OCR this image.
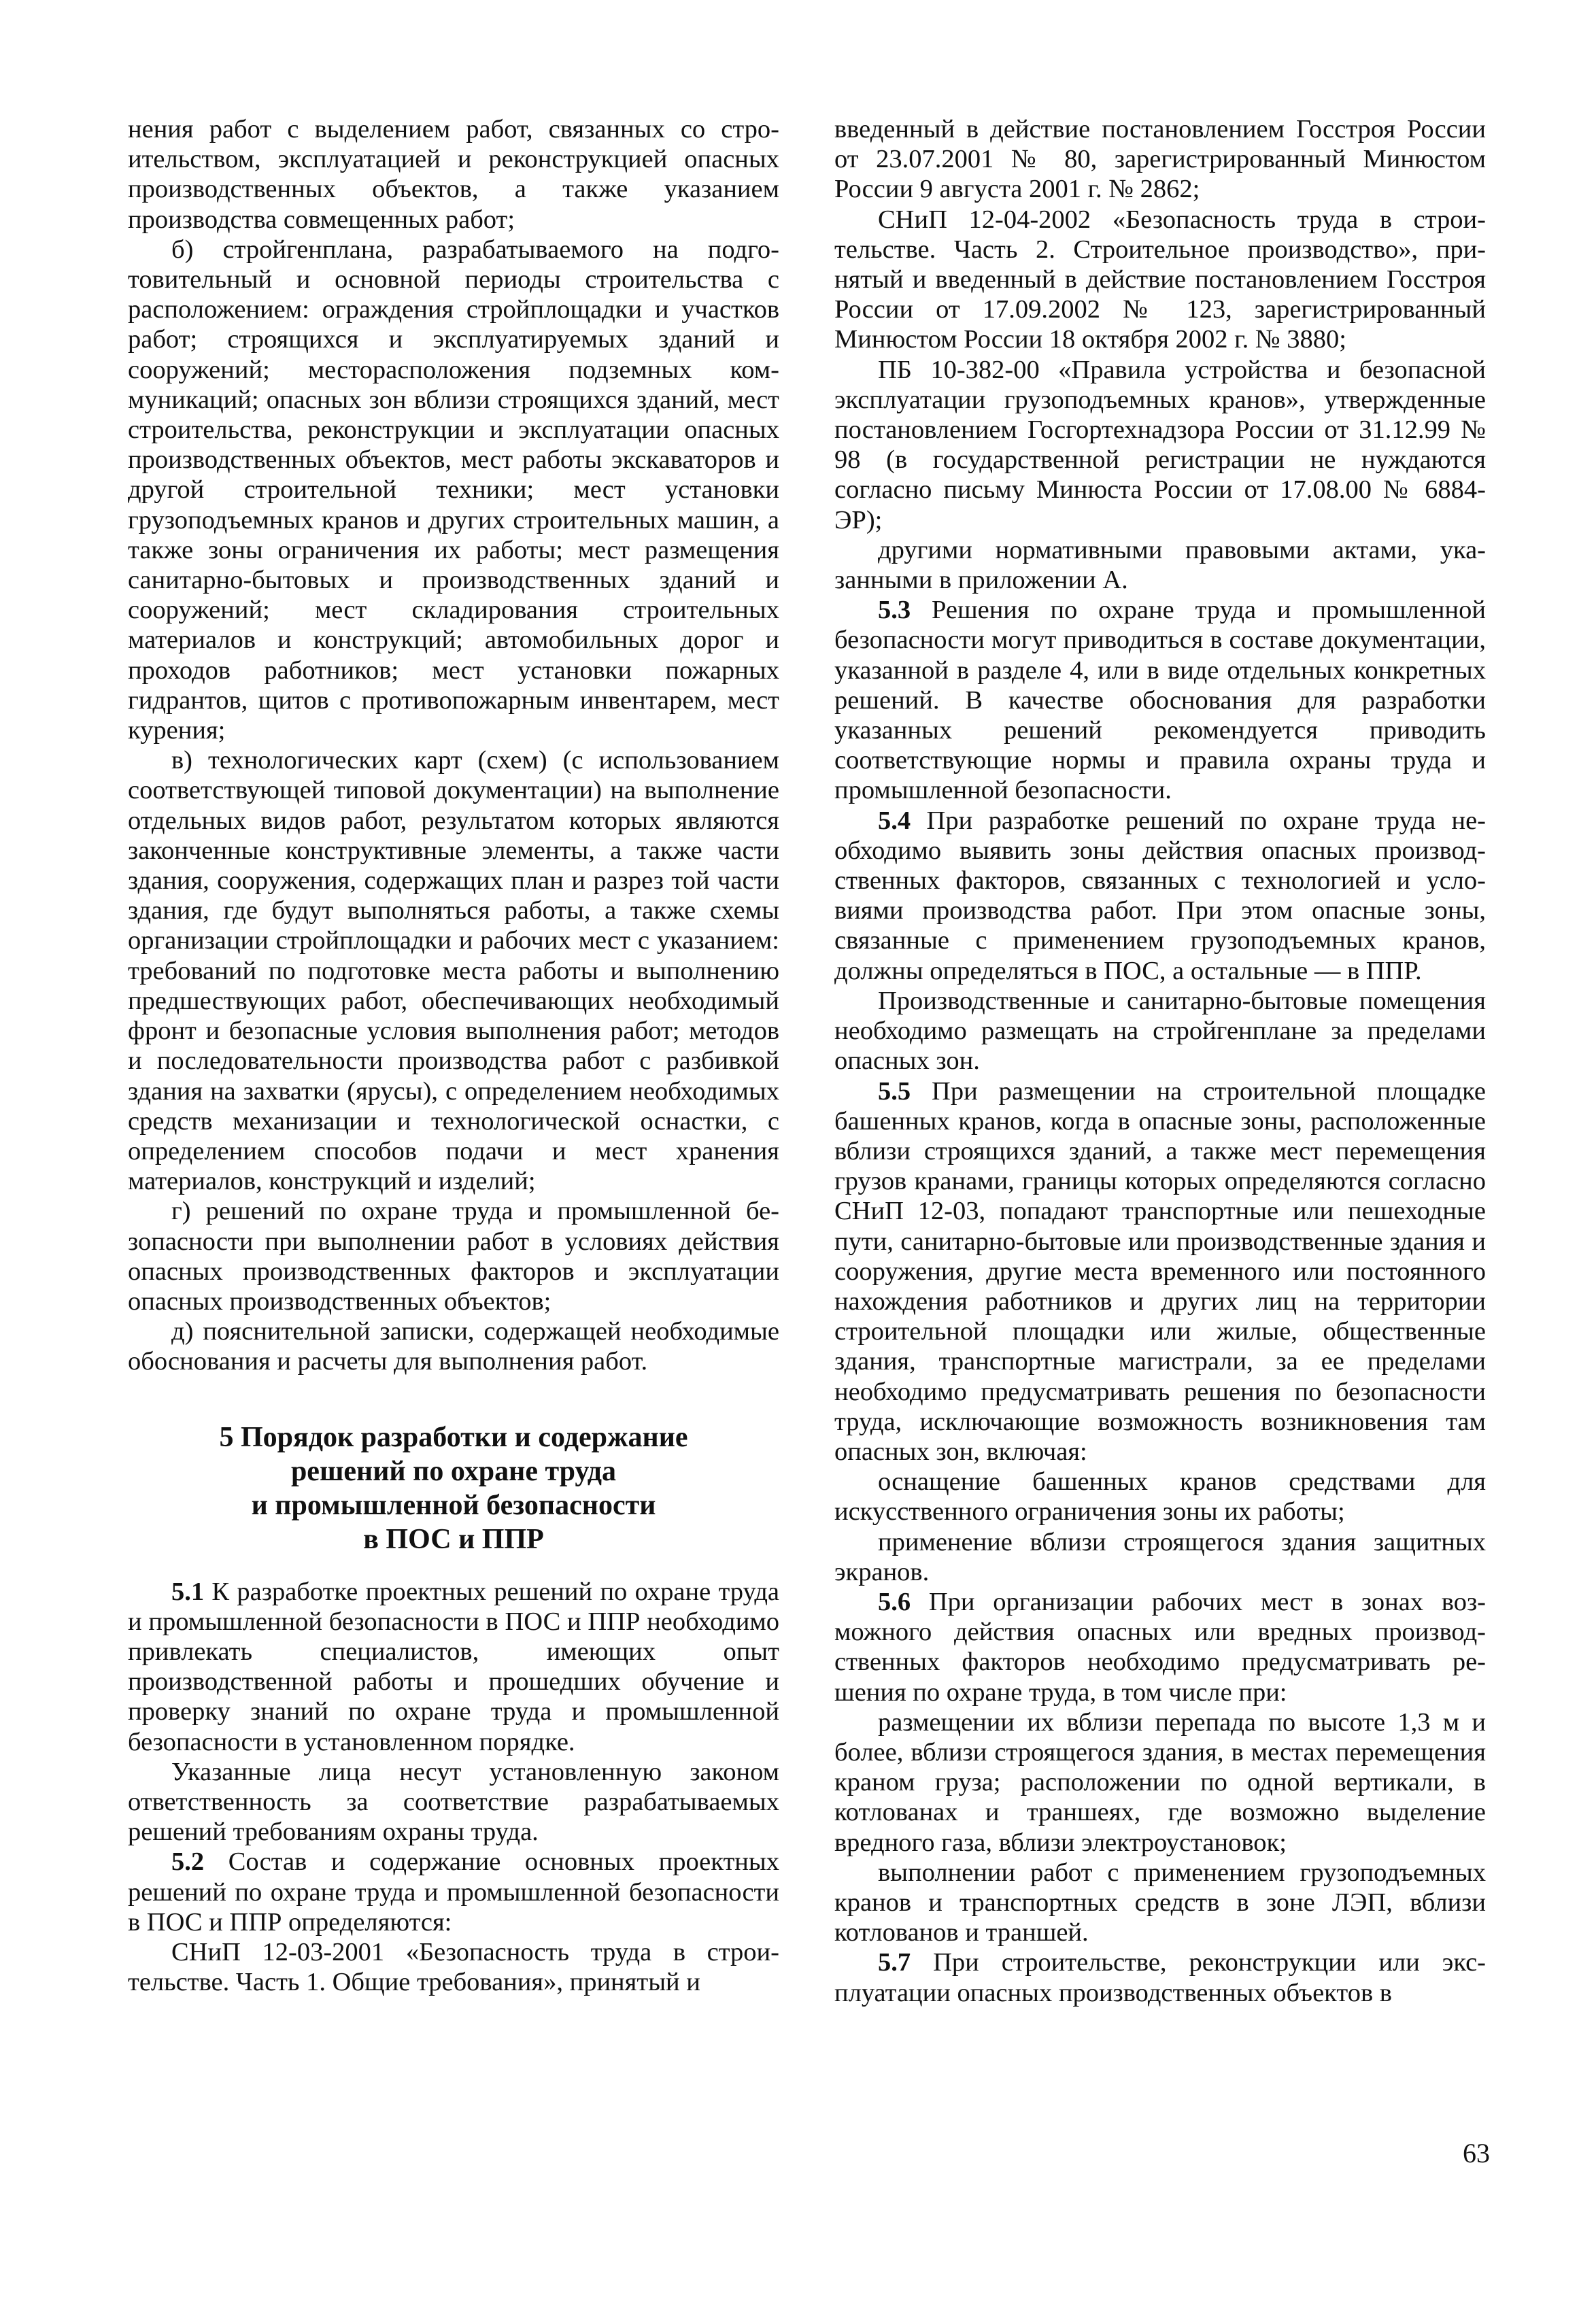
нения работ с выделением работ, связанных со строительством, эксплуатацией и реконструкцией опасных производственных объектов, а также указанием производства совмещенных работ;

б) стройгенплана, разрабатываемого на подготовительный и основной периоды строительства с расположением: ограждения стройплощадки и участков работ; строящихся и эксплуатируемых зданий и сооружений; месторасположения подземных коммуникаций; опасных зон вблизи строящихся зданий, мест строительства, реконструкции и эксплуатации опасных производственных объектов, мест работы экскаваторов и другой строительной техники; мест установки грузоподъемных кранов и других строительных машин, а также зоны ограничения их работы; мест размещения санитарно-бытовых и производственных зданий и сооружений; мест складирования строительных материалов и конструкций; автомобильных дорог и проходов работников; мест установки пожарных гидрантов, щитов с противопожарным инвентарем, мест курения;

в) технологических карт (схем) (с использованием соответствующей типовой документации) на выполнение отдельных видов работ, результатом которых являются законченные конструктивные элементы, а также части здания, сооружения, содержащих план и разрез той части здания, где будут выполняться работы, а также схемы организации стройплощадки и рабочих мест с указанием: требований по подготовке места работы и выполнению предшествующих работ, обеспечивающих необходимый фронт и безопасные условия выполнения работ; методов и последовательности производства работ с разбивкой здания на захватки (ярусы), с определением необходимых средств механизации и технологической оснастки, с определением способов подачи и мест хранения материалов, конструкций и изделий;

г) решений по охране труда и промышленной безопасности при выполнении работ в условиях действия опасных производственных факторов и эксплуатации опасных производственных объектов;

д) пояснительной записки, содержащей необходимые обоснования и расчеты для выполнения работ.

5 Порядок разработки и содержание
решений по охране труда
и промышленной безопасности
в ПОС и ППР

5.1 К разработке проектных решений по охране труда и промышленной безопасности в ПОС и ППР необходимо привлекать специалистов, имеющих опыт производственной работы и прошедших обучение и проверку знаний по охране труда и промышленной безопасности в установленном порядке.

Указанные лица несут установленную законом ответственность за соответствие разрабатываемых решений требованиям охраны труда.

5.2 Состав и содержание основных проектных решений по охране труда и промышленной безопасности в ПОС и ППР определяются:

СНиП 12-03-2001 «Безопасность труда в строительстве. Часть 1. Общие требования», принятый и

введенный в действие постановлением Госстроя России от 23.07.2001 № 80, зарегистрированный Минюстом России 9 августа 2001 г. № 2862;

СНиП 12-04-2002 «Безопасность труда в строительстве. Часть 2. Строительное производство», принятый и введенный в действие постановлением Госстроя России от 17.09.2002 № 123, зарегистрированный Минюстом России 18 октября 2002 г. № 3880;

ПБ 10-382-00 «Правила устройства и безопасной эксплуатации грузоподъемных кранов», утвержденные постановлением Госгортехнадзора России от 31.12.99 № 98 (в государственной регистрации не нуждаются согласно письму Минюста России от 17.08.00 № 6884-ЭР);

другими нормативными правовыми актами, указанными в приложении А.

5.3 Решения по охране труда и промышленной безопасности могут приводиться в составе документации, указанной в разделе 4, или в виде отдельных конкретных решений. В качестве обоснования для разработки указанных решений рекомендуется приводить соответствующие нормы и правила охраны труда и промышленной безопасности.

5.4 При разработке решений по охране труда необходимо выявить зоны действия опасных производственных факторов, связанных с технологией и условиями производства работ. При этом опасные зоны, связанные с применением грузоподъемных кранов, должны определяться в ПОС, а остальные — в ППР.

Производственные и санитарно-бытовые помещения необходимо размещать на стройгенплане за пределами опасных зон.

5.5 При размещении на строительной площадке башенных кранов, когда в опасные зоны, расположенные вблизи строящихся зданий, а также мест перемещения грузов кранами, границы которых определяются согласно СНиП 12-03, попадают транспортные или пешеходные пути, санитарно-бытовые или производственные здания и сооружения, другие места временного или постоянного нахождения работников и других лиц на территории строительной площадки или жилые, общественные здания, транспортные магистрали, за ее пределами необходимо предусматривать решения по безопасности труда, исключающие возможность возникновения там опасных зон, включая:

оснащение башенных кранов средствами для искусственного ограничения зоны их работы;

применение вблизи строящегося здания защитных экранов.

5.6 При организации рабочих мест в зонах возможного действия опасных или вредных производственных факторов необходимо предусматривать решения по охране труда, в том числе при:

размещении их вблизи перепада по высоте 1,3 м и более, вблизи строящегося здания, в местах перемещения краном груза; расположении по одной вертикали, в котлованах и траншеях, где возможно выделение вредного газа, вблизи электроустановок;

выполнении работ с применением грузоподъемных кранов и транспортных средств в зоне ЛЭП, вблизи котлованов и траншей.

5.7 При строительстве, реконструкции или эксплуатации опасных производственных объектов в

63
